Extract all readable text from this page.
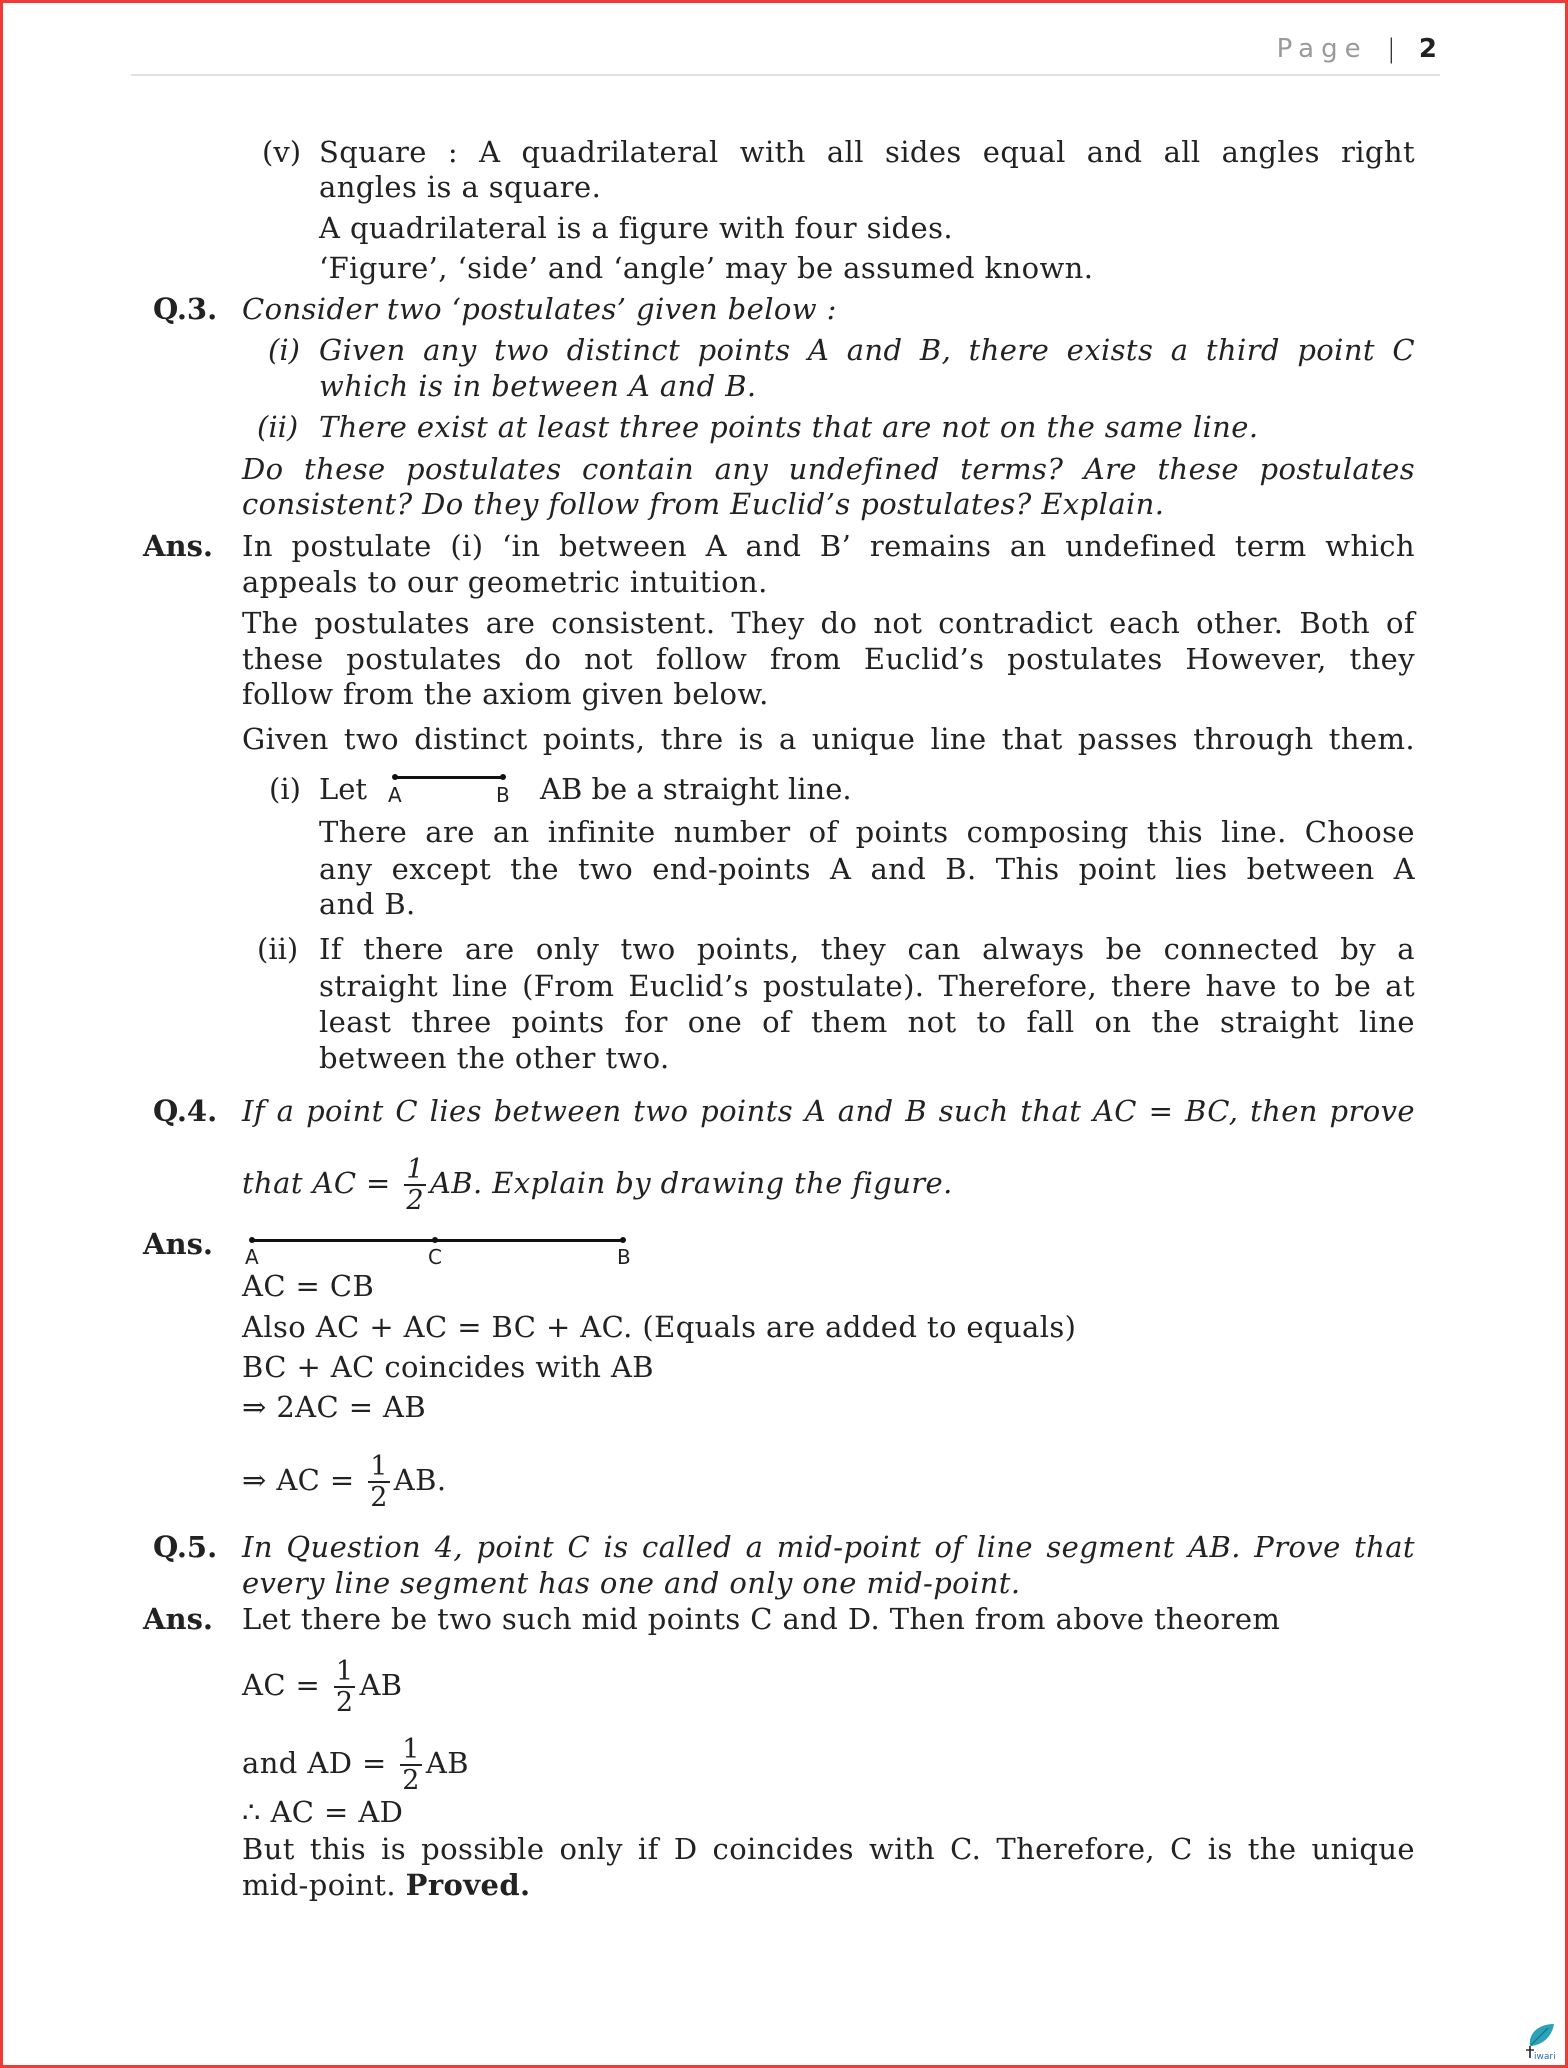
Page | 2
(v) Square : A quadrilateral with all sides equal and all angles right
angles is a square.
A quadrilateral is a figure with four sides.
‘Figure’, ‘side’ and ‘angle’ may be assumed known.
Q.3. Consider two ‘postulates’ given below :
(i) Given any two distinct points A and B, there exists a third point C
which is in between A and B.
(ii) There exist at least three points that are not on the same line.
Do these postulates contain any undefined terms? Are these postulates
consistent? Do they follow from Euclid’s postulates? Explain.
Ans. In postulate (i) ‘in between A and B’ remains an undefined term which
appeals to our geometric intuition.
The postulates are consistent. They do not contradict each other. Both of
these postulates do not follow from Euclid’s postulates However, they
follow from the axiom given below.
Given two distinct points, thre is a unique line that passes through them.
(i) Let A	B AB be a straight line.
There are an infinite number of points composing this line. Choose
any except the two end-points A and B. This point lies between A
and B.
(ii) If there are only two points, they can always be connected by a
straight line (From Euclid’s postulate). Therefore, there have to be at
least three points for one of them not to fall on the straight line
between the other two.
Q.4. If a point C lies between two points A and B such that AC = BC, then prove
that AC = $\frac{1}{2}$ AB. Explain by drawing the figure.
Ans. A	C	B
AC = CB
Also AC + AC = BC + AC. (Equals are added to equals)
BC + AC coincides with AB
⇒ 2AC = AB
⇒ AC = $\frac{1}{2}$ AB.
Q.5. In Question 4, point C is called a mid-point of line segment AB. Prove that
every line segment has one and only one mid-point.
Ans. Let there be two such mid points C and D. Then from above theorem
AC = $\frac{1}{2}$ AB
and AD = $\frac{1}{2}$ AB
∴ AC = AD
But this is possible only if D coincides with C. Therefore, C is the unique
mid-point. Proved.
iwari
